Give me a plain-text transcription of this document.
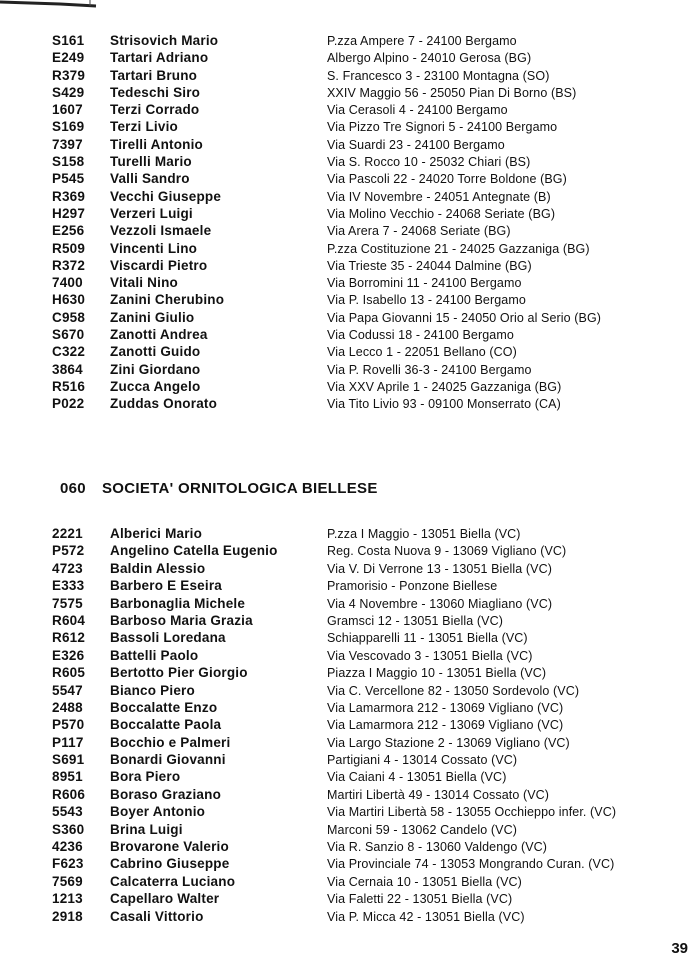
S161 Strisovich Mario	P.zza Ampere 7 - 24100 Bergamo
E249 Tartari Adriano	Albergo Alpino - 24010 Gerosa (BG)
R379 Tartari Bruno	S. Francesco 3 - 23100 Montagna (SO)
S429 Tedeschi Siro	XXIV Maggio 56 - 25050 Pian Di Borno (BS)
1607 Terzi Corrado	Via Cerasoli 4 - 24100 Bergamo
S169 Terzi Livio	Via Pizzo Tre Signori 5 - 24100 Bergamo
7397 Tirelli Antonio	Via Suardi 23 - 24100 Bergamo
S158 Turelli Mario	Via S. Rocco 10 - 25032 Chiari (BS)
P545 Valli Sandro	Via Pascoli 22 - 24020 Torre Boldone (BG)
R369 Vecchi Giuseppe	Via IV Novembre - 24051 Antegnate (B)
H297 Verzeri Luigi	Via Molino Vecchio - 24068 Seriate (BG)
E256 Vezzoli Ismaele	Via Arera 7 - 24068 Seriate (BG)
R509 Vincenti Lino	P.zza Costituzione 21 - 24025 Gazzaniga (BG)
R372 Viscardi Pietro	Via Trieste 35 - 24044 Dalmine (BG)
7400 Vitali Nino	Via Borromini 11 - 24100 Bergamo
H630 Zanini Cherubino	Via P. Isabello 13 - 24100 Bergamo
C958 Zanini Giulio	Via Papa Giovanni 15 - 24050 Orio al Serio (BG)
S670 Zanotti Andrea	Via Codussi 18 - 24100 Bergamo
C322 Zanotti Guido	Via Lecco 1 - 22051 Bellano (CO)
3864 Zini Giordano	Via P. Rovelli 36-3 - 24100 Bergamo
R516 Zucca Angelo	Via XXV Aprile 1 - 24025 Gazzaniga (BG)
P022 Zuddas Onorato	Via Tito Livio 93 - 09100 Monserrato (CA)
060 SOCIETA' ORNITOLOGICA BIELLESE
2221 Alberici Mario	P.zza I Maggio - 13051 Biella (VC)
P572 Angelino Catella Eugenio	Reg. Costa Nuova 9 - 13069 Vigliano (VC)
4723 Baldin Alessio	Via V. Di Verrone 13 - 13051 Biella (VC)
E333 Barbero E Eseira	Pramorisio - Ponzone Biellese
7575 Barbonaglia Michele	Via 4 Novembre - 13060 Miagliano (VC)
R604 Barboso Maria Grazia	Gramsci 12 - 13051 Biella (VC)
R612 Bassoli Loredana	Schiapparelli 11 - 13051 Biella (VC)
E326 Battelli Paolo	Via Vescovado 3 - 13051 Biella (VC)
R605 Bertotto Pier Giorgio	Piazza I Maggio 10 - 13051 Biella (VC)
5547 Bianco Piero	Via C. Vercellone 82 - 13050 Sordevolo (VC)
2488 Boccalatte Enzo	Via Lamarmora 212 - 13069 Vigliano (VC)
P570 Boccalatte Paola	Via Lamarmora 212 - 13069 Vigliano (VC)
P117 Bocchio e Palmeri	Via Largo Stazione 2 - 13069 Vigliano (VC)
S691 Bonardi Giovanni	Partigiani 4 - 13014 Cossato (VC)
8951 Bora Piero	Via Caiani 4 - 13051 Biella (VC)
R606 Boraso Graziano	Martiri Libertà 49 - 13014 Cossato (VC)
5543 Boyer Antonio	Via Martiri Libertà 58 - 13055 Occhieppo infer. (VC)
S360 Brina Luigi	Marconi 59 - 13062 Candelo (VC)
4236 Brovarone Valerio	Via R. Sanzio 8 - 13060 Valdengo (VC)
F623 Cabrino Giuseppe	Via Provinciale 74 - 13053 Mongrando Curan. (VC)
7569 Calcaterra Luciano	Via Cernaia 10 - 13051 Biella (VC)
1213 Capellaro Walter	Via Faletti 22 - 13051 Biella (VC)
2918 Casali Vittorio	Via P. Micca 42 - 13051 Biella (VC)
39
